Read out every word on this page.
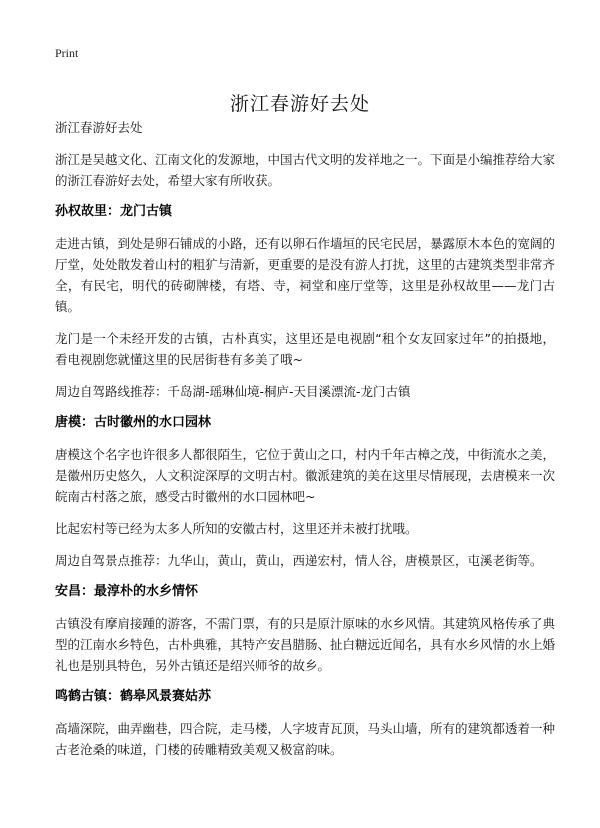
Print
浙江春游好去处
浙江春游好去处

浙江是吴越文化、江南文化的发源地，中国古代文明的发祥地之一。下面是小编推荐给大家的浙江春游好去处，希望大家有所收获。

孙权故里：龙门古镇

走进古镇，到处是卵石铺成的小路，还有以卵石作墙垣的民宅民居，暴露原木本色的宽阔的厅堂，处处散发着山村的粗犷与清新，更重要的是没有游人打扰，这里的古建筑类型非常齐全，有民宅，明代的砖砌牌楼，有塔、寺，祠堂和座厅堂等，这里是孙权故里——龙门古镇。

龙门是一个未经开发的古镇，古朴真实，这里还是电视剧“租个女友回家过年”的拍摄地，看电视剧您就懂这里的民居街巷有多美了哦~

周边自驾路线推荐：千岛湖-瑶琳仙境-桐庐-天目溪漂流-龙门古镇

唐模：古时徽州的水口园林

唐模这个名字也许很多人都很陌生，它位于黄山之口，村内千年古樟之茂，中街流水之美，是徽州历史悠久，人文积淀深厚的文明古村。徽派建筑的美在这里尽情展现，去唐模来一次皖南古村落之旅，感受古时徽州的水口园林吧~

比起宏村等已经为太多人所知的安徽古村，这里还并未被打扰哦。

周边自驾景点推荐：九华山，黄山，黄山，西递宏村，情人谷，唐模景区，屯溪老街等。

安昌：最淳朴的水乡情怀

古镇没有摩肩接踵的游客，不需门票，有的只是原汁原味的水乡风情。其建筑风格传承了典型的江南水乡特色，古朴典雅，其特产安昌腊肠、扯白糖远近闻名，具有水乡风情的水上婚礼也是别具特色，另外古镇还是绍兴师爷的故乡。

鸣鹤古镇：鹤皋风景赛姑苏

高墙深院，曲弄幽巷，四合院，走马楼，人字坡青瓦顶，马头山墙，所有的建筑都透着一种古老沧桑的味道，门楼的砖雕精致美观又极富韵味。
